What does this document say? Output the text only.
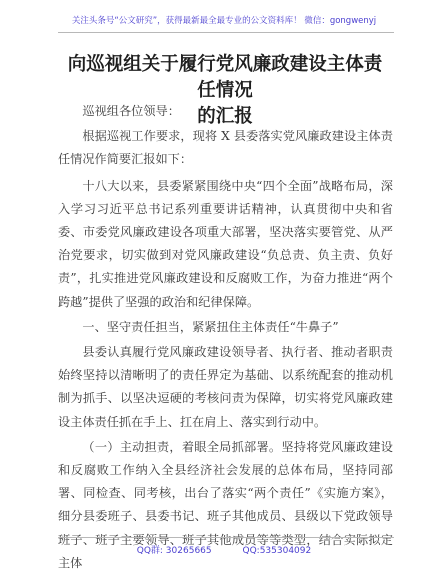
关注头条号“公文研究”，获得最新最全最专业的公文资料库！ 微信：gongwenyj
向巡视组关于履行党风廉政建设主体责任情况
的汇报

巡视组各位领导：

根据巡视工作要求，现将 X 县委落实党风廉政建设主体责任情况作简要汇报如下：

十八大以来，县委紧紧围绕中央“四个全面”战略布局，深入学习习近平总书记系列重要讲话精神，认真贯彻中央和省委、市委党风廉政建设各项重大部署，坚决落实要管党、从严治党要求，切实做到对党风廉政建设“负总责、负主责、负好责”，扎实推进党风廉政建设和反腐败工作，为奋力推进“两个跨越”提供了坚强的政治和纪律保障。

一、坚守责任担当，紧紧扭住主体责任“牛鼻子”

县委认真履行党风廉政建设领导者、执行者、推动者职责始终坚持以清晰明了的责任界定为基础、以系统配套的推动机制为抓手、以坚决逗硬的考核问责为保障，切实将党风廉政建设主体责任抓在手上、扛在肩上、落实到行动中。

（一）主动担责，着眼全局抓部署。坚持将党风廉政建设和反腐败工作纳入全县经济社会发展的总体布局，坚持同部署、同检查、同考核，出台了落实“两个责任”《实施方案》，细分县委班子、县委书记、班子其他成员、县级以下党政领导班子、班子主要领导、班子其他成员等等类型，结合实际拟定主体

QQ群: 30265665	QQ:535304092
